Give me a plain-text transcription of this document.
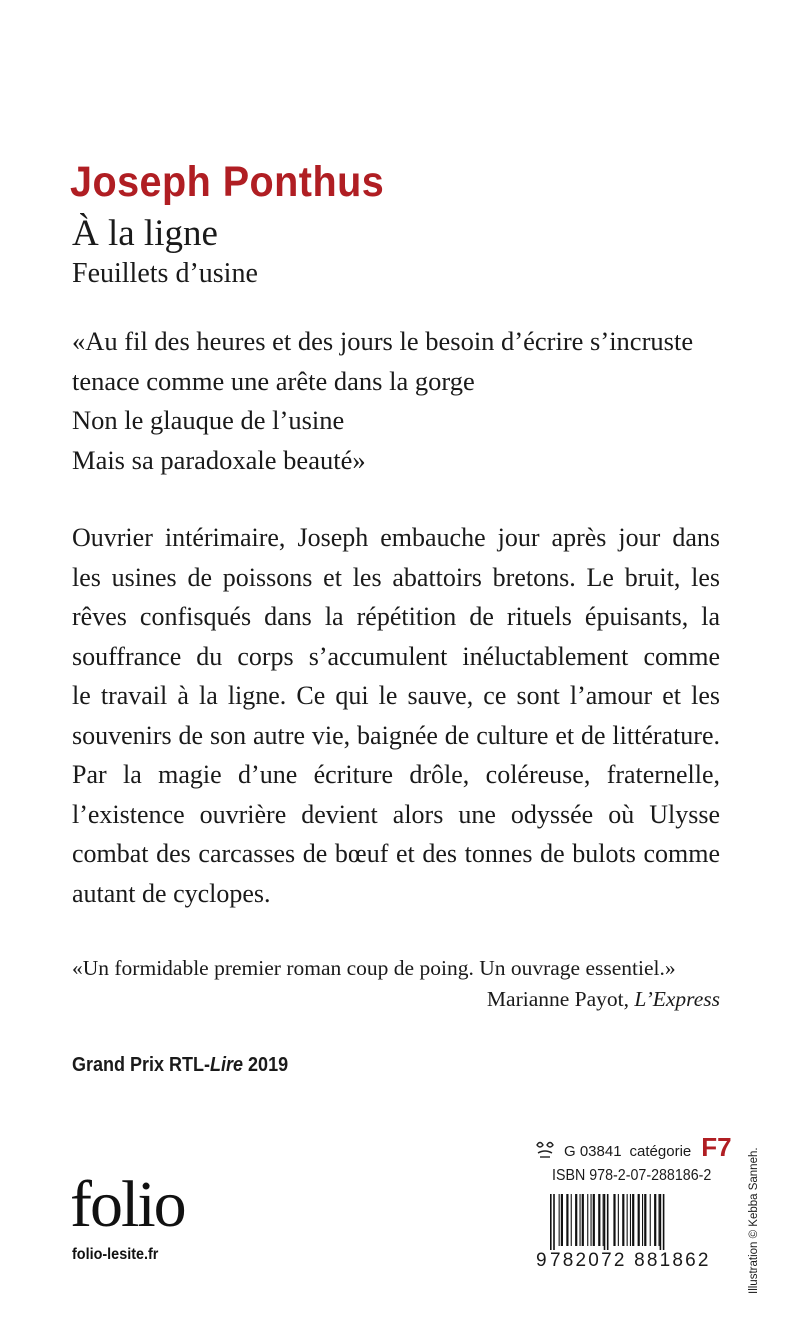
Joseph Ponthus
À la ligne
Feuillets d’usine
«Au fil des heures et des jours le besoin d’écrire s’incruste
tenace comme une arête dans la gorge
Non le glauque de l’usine
Mais sa paradoxale beauté»
Ouvrier intérimaire, Joseph embauche jour après jour dans
les usines de poissons et les abattoirs bretons. Le bruit, les
rêves confisqués dans la répétition de rituels épuisants, la
souffrance du corps s’accumulent inéluctablement comme
le travail à la ligne. Ce qui le sauve, ce sont l’amour et les
souvenirs de son autre vie, baignée de culture et de littérature.
Par la magie d’une écriture drôle, coléreuse, fraternelle,
l’existence ouvrière devient alors une odyssée où Ulysse
combat des carcasses de bœuf et des tonnes de bulots comme
autant de cyclopes.
«Un formidable premier roman coup de poing. Un ouvrage essentiel.»
Marianne Payot, L’Express
Grand Prix RTL-Lire 2019
folio
folio-lesite.fr
G 03841 catégorie F7
ISBN 978-2-07-288186-2
9 782072 881862	Illustration © Kebba Sanneh.
